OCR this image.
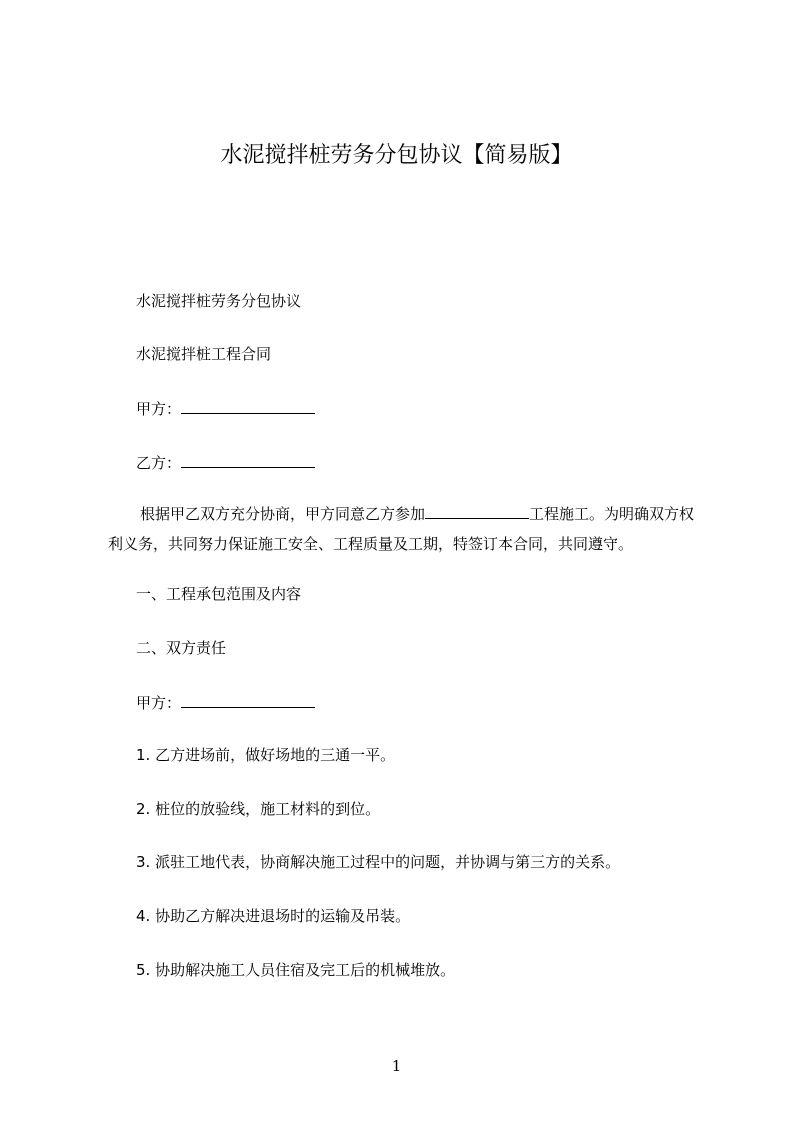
水泥搅拌桩劳务分包协议【简易版】
水泥搅拌桩劳务分包协议
水泥搅拌桩工程合同
甲方：
乙方：

根据甲乙双方充分协商，甲方同意乙方参加	工程施工。为明确双方权利义务，共同努力保证施工安全、工程质量及工期，特签订本合同，共同遵守。

一、工程承包范围及内容
二、双方责任
甲方：
1. 乙方进场前，做好场地的三通一平。
2. 桩位的放验线，施工材料的到位。
3. 派驻工地代表，协商解决施工过程中的问题，并协调与第三方的关系。
4. 协助乙方解决进退场时的运输及吊装。
5. 协助解决施工人员住宿及完工后的机械堆放。
1
